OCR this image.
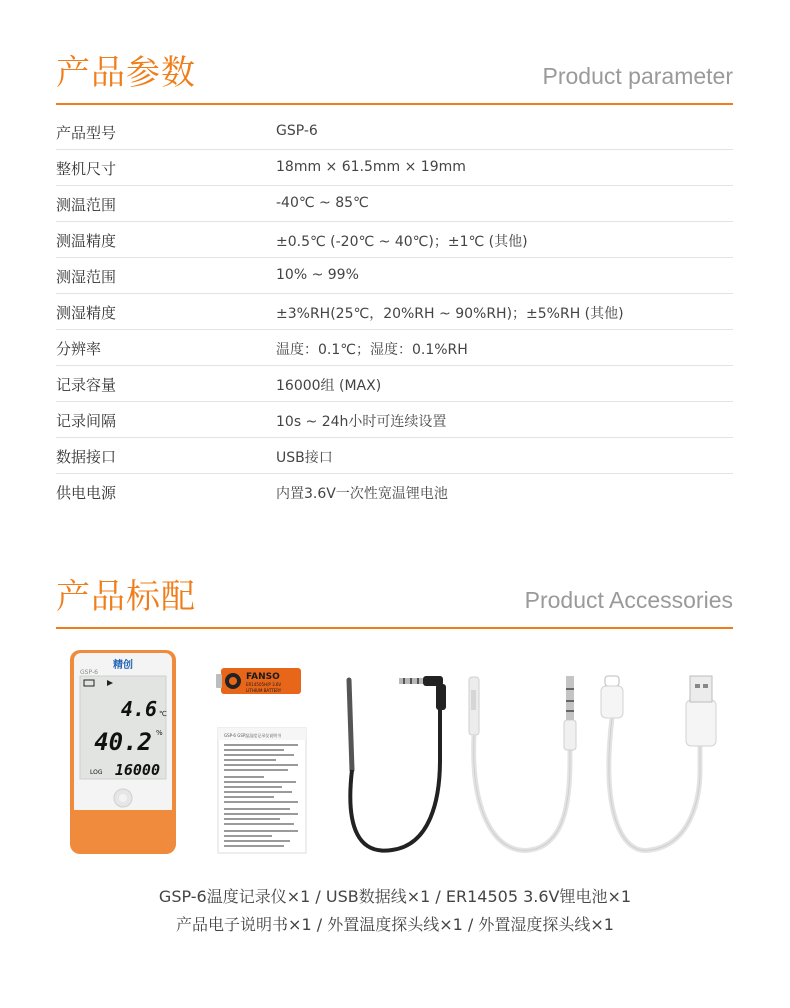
产品参数	Product parameter
产品型号	GSP-6
整机尺寸	18mm × 61.5mm × 19mm
测温范围	-40℃ ~ 85℃
测温精度	±0.5℃ (-20℃ ~ 40℃)；±1℃ (其他)
测湿范围	10% ~ 99%
测湿精度	±3%RH(25℃，20%RH ~ 90%RH)；±5%RH (其他)
分辨率	温度：0.1℃；湿度：0.1%RH
记录容量	16000组 (MAX)
记录间隔	10s ~ 24h小时可连续设置
数据接口	USB接口
供电电源	内置3.6V一次性宽温锂电池
产品标配	Product Accessories
精创
GSP-6
4.6 ℃
40.2 %
LOG 16000
FANSO
ER14505H/P 3.6V
LITHIUM BATTERY
GSP-6 GSP温湿度记录仪说明书
GSP-6温度记录仪×1 / USB数据线×1 / ER14505 3.6V锂电池×1
产品电子说明书×1 / 外置温度探头线×1 / 外置湿度探头线×1
